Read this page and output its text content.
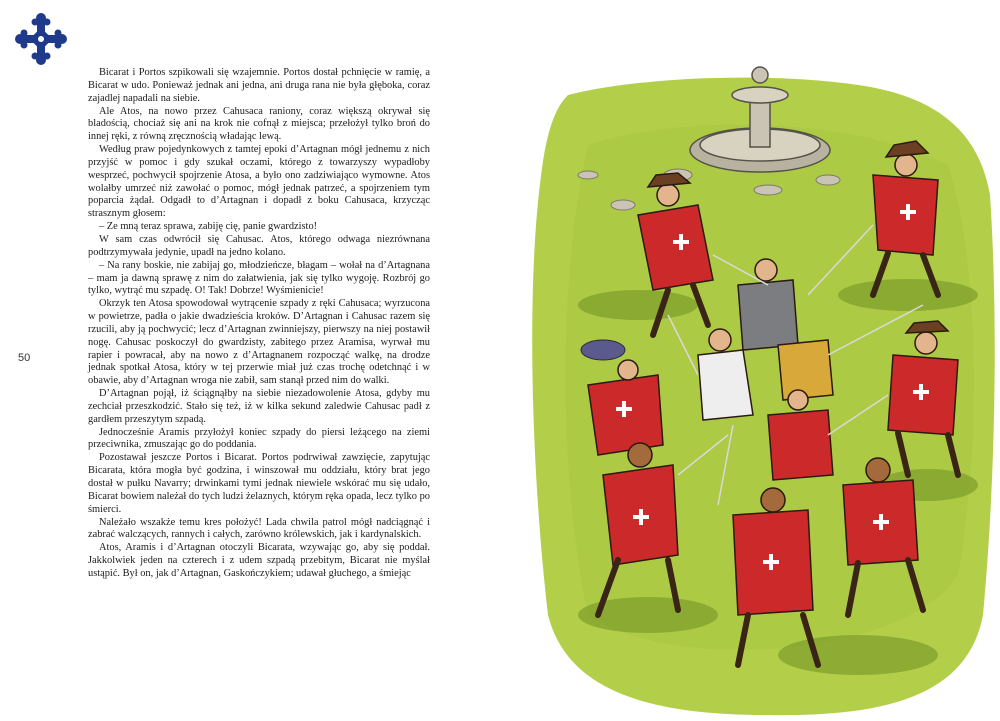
50

Bicarat i Portos szpikowali się wzajemnie. Portos dostał pchnięcie w ramię, a Bicarat w udo. Ponieważ jednak ani jedna, ani druga rana nie była głęboka, coraz zajadlej napadali na siebie.

Ale Atos, na nowo przez Cahusaca raniony, coraz większą okrywał się bladością, chociaż się ani na krok nie cofnął z miejsca; przełożył tylko broń do innej ręki, z równą zręcznością władając lewą.

Według praw pojedynkowych z tamtej epoki d’Artagnan mógł jednemu z nich przyjść w pomoc i gdy szukał oczami, którego z towarzyszy wypadłoby wesprzeć, pochwycił spojrzenie Atosa, a było ono zadziwiająco wymowne. Atos wolałby umrzeć niż zawołać o pomoc, mógł jednak patrzeć, a spojrzeniem tym poparcia żądał. Odgadł to d’Artagnan i dopadł z boku Cahusaca, krzycząc strasznym głosem:

– Ze mną teraz sprawa, zabiję cię, panie gwardzisto!

W sam czas odwrócił się Cahusac. Atos, którego odwaga niezrównana podtrzymywała jedynie, upadł na jedno kolano.

– Na rany boskie, nie zabijaj go, młodzieńcze, błagam – wołał na d’Artagnana – mam ja dawną sprawę z nim do załatwienia, jak się tylko wygoję. Rozbrój go tylko, wytrąć mu szpadę. O! Tak! Dobrze! Wyśmienicie!

Okrzyk ten Atosa spowodował wytrącenie szpady z ręki Cahusaca; wyrzucona w powietrze, padła o jakie dwadzieścia kroków. D’Artagnan i Cahusac razem się rzucili, aby ją pochwycić; lecz d’Artagnan zwinniejszy, pierwszy na niej postawił nogę. Cahusac poskoczył do gwardzisty, zabitego przez Aramisa, wyrwał mu rapier i powracał, aby na nowo z d’Artagnanem rozpocząć walkę, na drodze jednak spotkał Atosa, który w tej przerwie miał już czas trochę odetchnąć i w obawie, aby d’Artagnan wroga nie zabił, sam stanął przed nim do walki.

D’Artagnan pojął, iż ściągnąłby na siebie niezadowolenie Atosa, gdyby mu zechciał przeszkodzić. Stało się też, iż w kilka sekund zaledwie Cahusac padł z gardłem przeszytym szpadą.

Jednocześnie Aramis przyłożył koniec szpady do piersi leżącego na ziemi przeciwnika, zmuszając go do poddania.

Pozostawał jeszcze Portos i Bicarat. Portos podrwiwał zawzięcie, zapytując Bicarata, która mogła być godzina, i winszował mu oddziału, który brat jego dostał w pułku Navarry; drwinkami tymi jednak niewiele wskórać mu się udało, Bicarat bowiem należał do tych ludzi żelaznych, którym ręka opada, lecz tylko po śmierci.

Należało wszakże temu kres położyć! Lada chwila patrol mógł nadciągnąć i zabrać walczących, rannych i całych, zarówno królewskich, jak i kardynalskich.

Atos, Aramis i d’Artagnan otoczyli Bicarata, wzywając go, aby się poddał. Jakkolwiek jeden na czterech i z udem szpadą przebitym, Bicarat nie myślał ustąpić. Był on, jak d’Artagnan, Gaskończykiem; udawał głuchego, a śmiejąc
